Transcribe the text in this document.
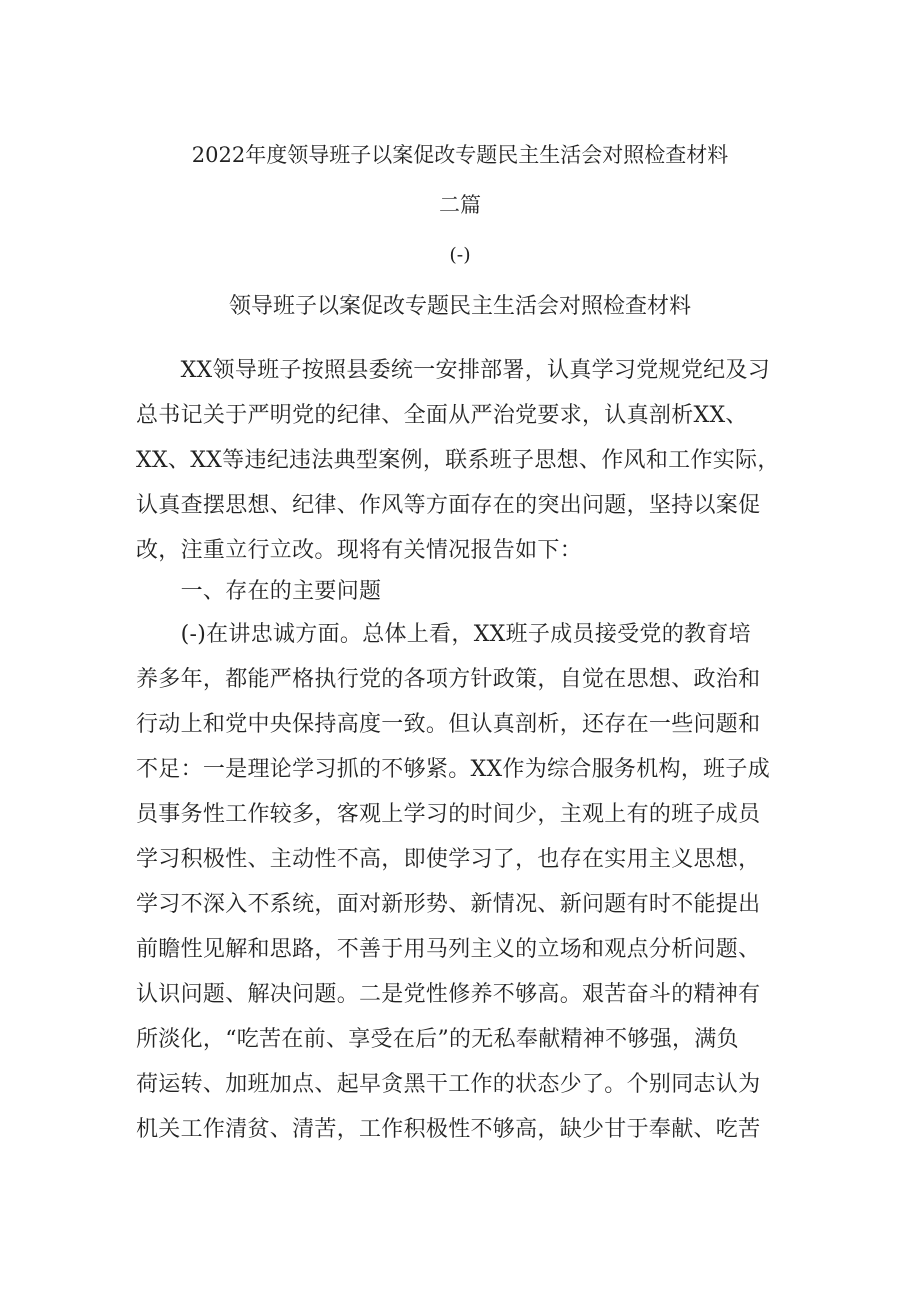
2022年度领导班子以案促改专题民主生活会对照检查材料
二篇
(-)
领导班子以案促改专题民主生活会对照检查材料
　　XX领导班子按照县委统一安排部署，认真学习党规党纪及习
总书记关于严明党的纪律、全面从严治党要求，认真剖析XX、
XX、XX等违纪违法典型案例，联系班子思想、作风和工作实际，
认真查摆思想、纪律、作风等方面存在的突出问题，坚持以案促
改，注重立行立改。现将有关情况报告如下：
　　一、存在的主要问题
　　(-)在讲忠诚方面。总体上看，XX班子成员接受党的教育培
养多年，都能严格执行党的各项方针政策，自觉在思想、政治和
行动上和党中央保持高度一致。但认真剖析，还存在一些问题和
不足：一是理论学习抓的不够紧。XX作为综合服务机构，班子成
员事务性工作较多，客观上学习的时间少，主观上有的班子成员
学习积极性、主动性不高，即使学习了，也存在实用主义思想，
学习不深入不系统，面对新形势、新情况、新问题有时不能提出
前瞻性见解和思路，不善于用马列主义的立场和观点分析问题、
认识问题、解决问题。二是党性修养不够高。艰苦奋斗的精神有
所淡化，“吃苦在前、享受在后”的无私奉献精神不够强，满负
荷运转、加班加点、起早贪黑干工作的状态少了。个别同志认为
机关工作清贫、清苦，工作积极性不够高，缺少甘于奉献、吃苦
